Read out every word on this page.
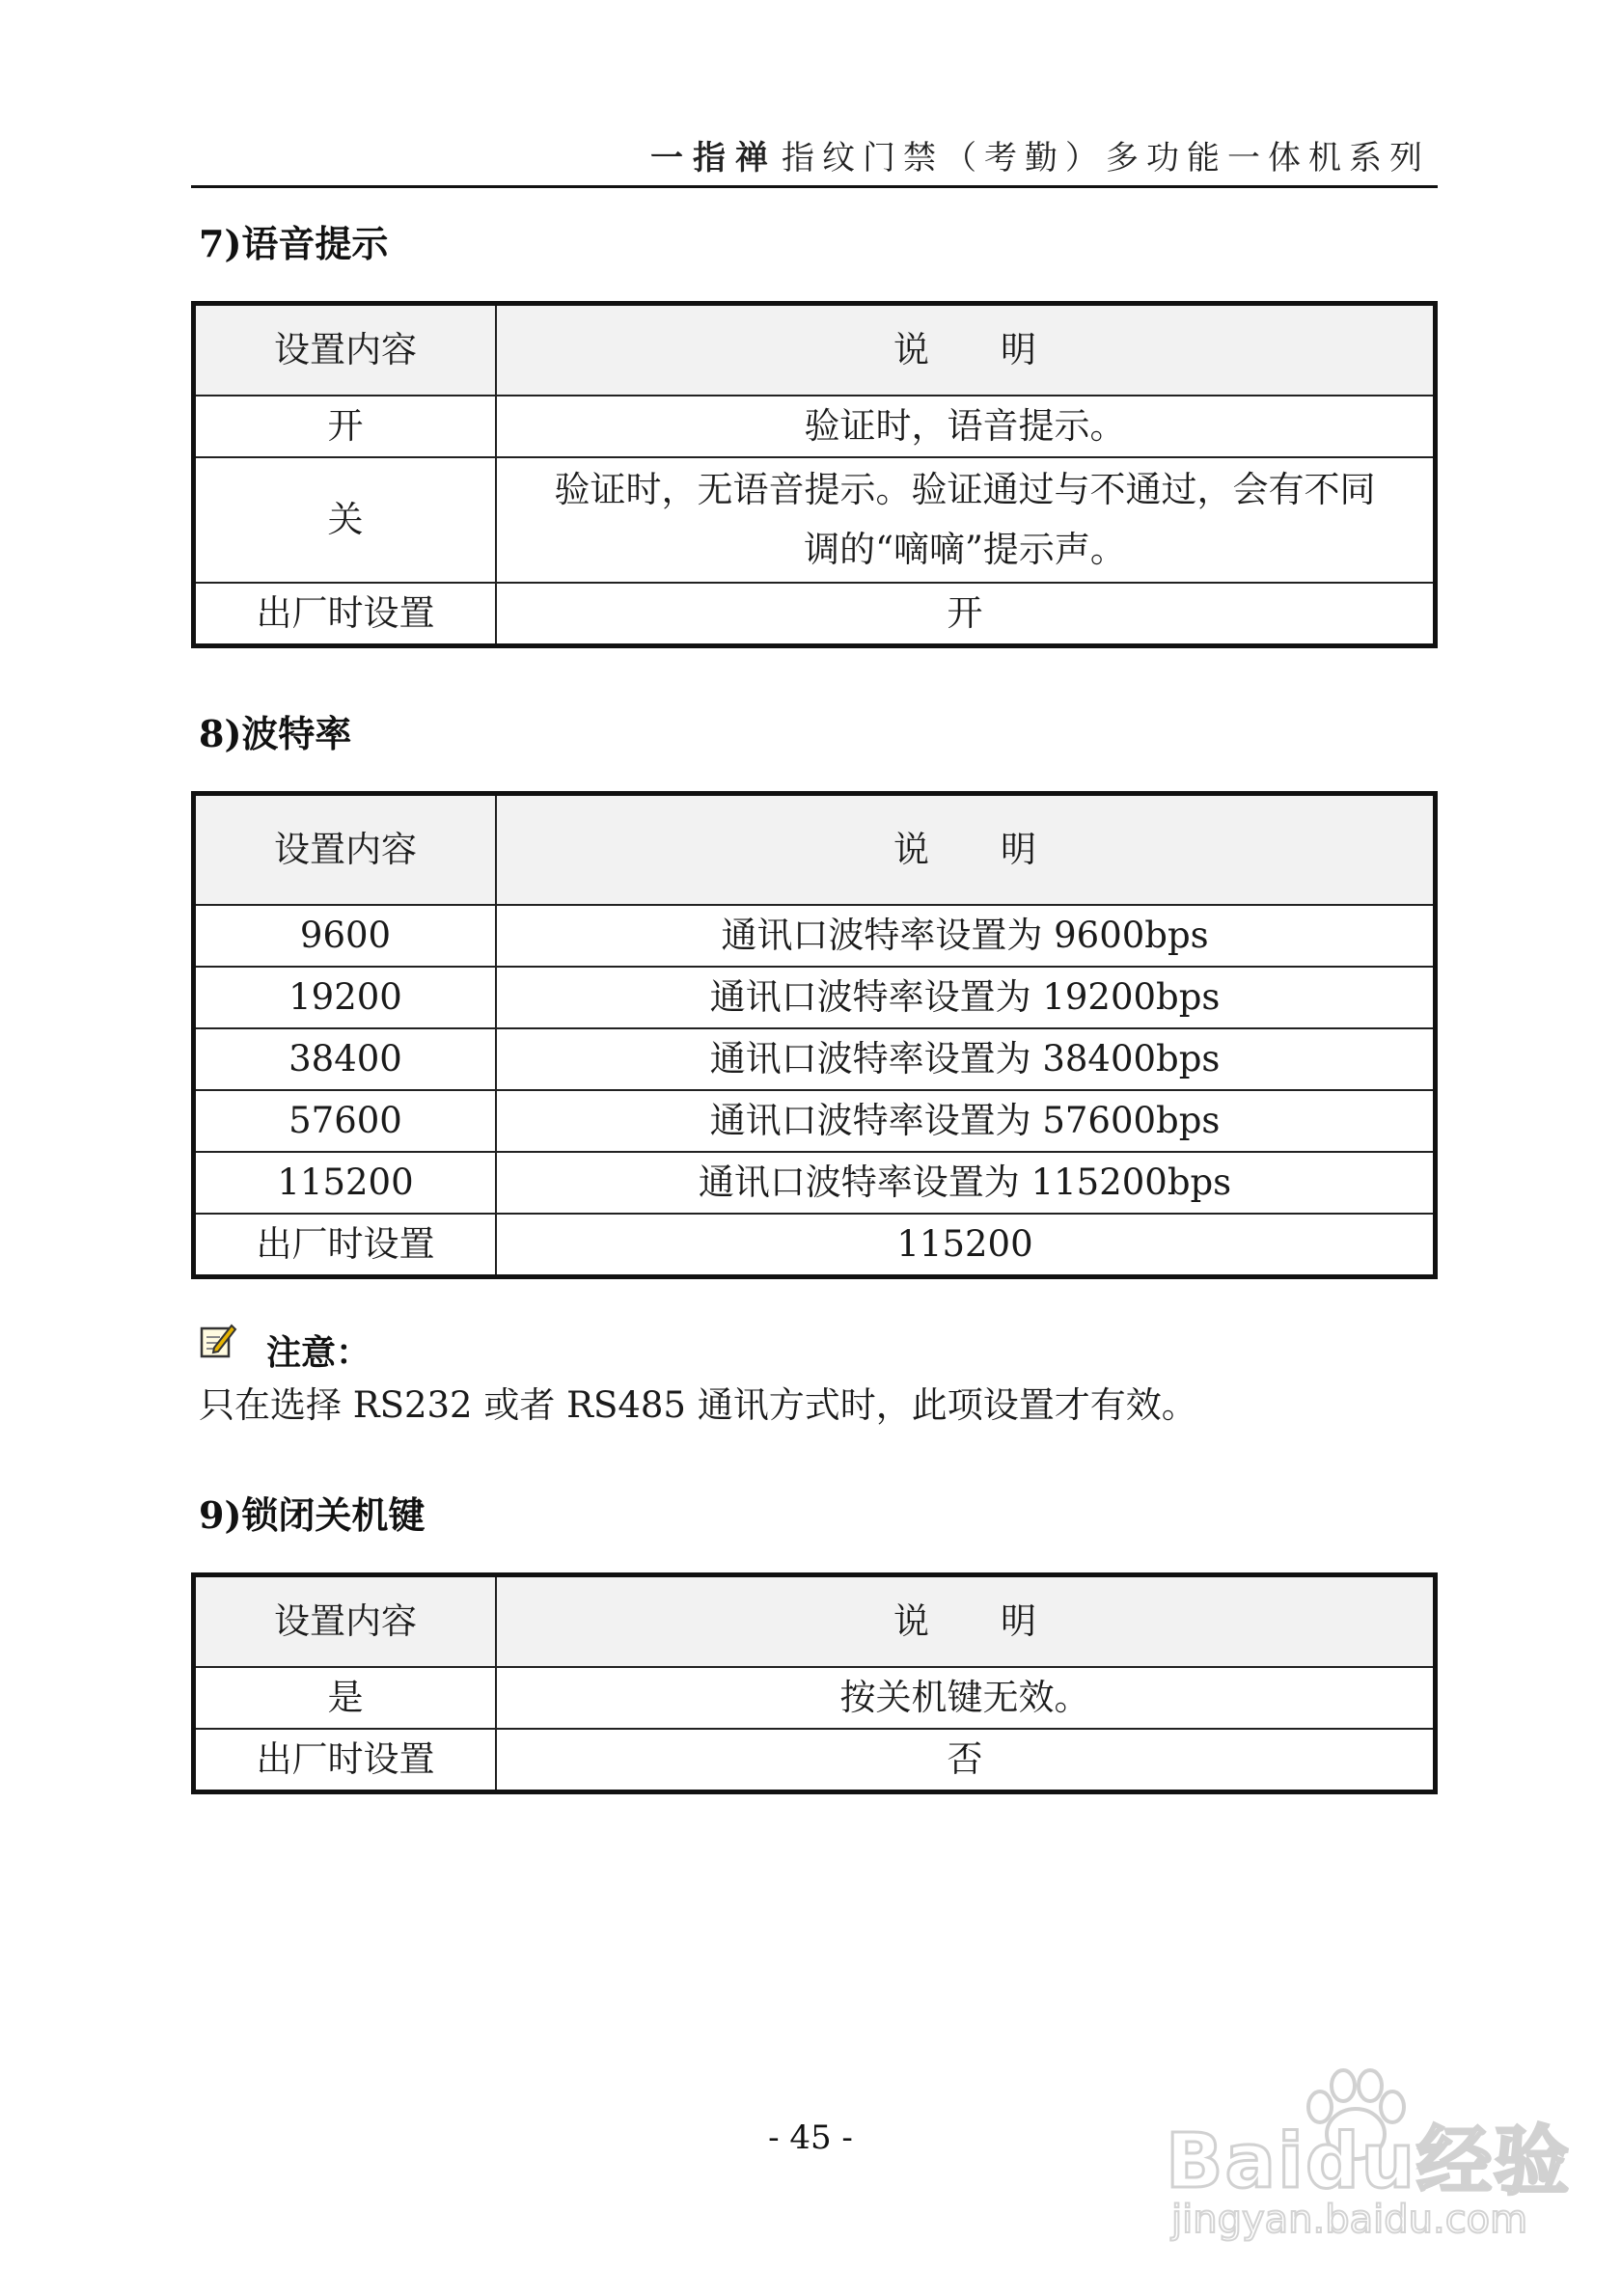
一指禅 指纹门禁（考勤）多功能一体机系列
7)语音提示
设置内容	说　　明
开	验证时，语音提示。
关	验证时，无语音提示。验证通过与不通过，会有不同
调的“嘀嘀”提示声。

出厂时设置	开
8)波特率
设置内容	说　　明
9600	通讯口波特率设置为 9600bps
19200	通讯口波特率设置为 19200bps
38400	通讯口波特率设置为 38400bps
57600	通讯口波特率设置为 57600bps
115200	通讯口波特率设置为 115200bps
出厂时设置	115200
注意：
只在选择 RS232 或者 RS485 通讯方式时，此项设置才有效。
9)锁闭关机键
设置内容	说　　明
是	按关机键无效。
出厂时设置	否
- 45 -	Baidu经验
jingyan.baidu.com
